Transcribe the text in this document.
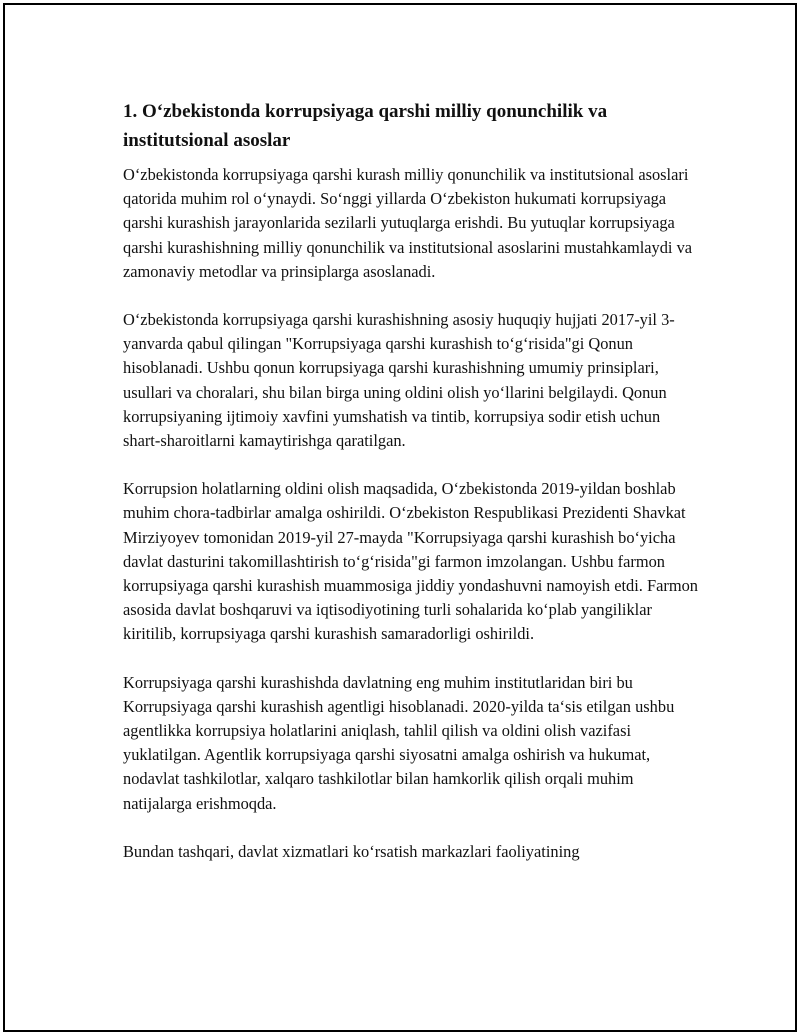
1. O‘zbekistonda korrupsiyaga qarshi milliy qonunchilik va institutsional asoslar

O‘zbekistonda korrupsiyaga qarshi kurash milliy qonunchilik va institutsional asoslari qatorida muhim rol o‘ynaydi. So‘nggi yillarda O‘zbekiston hukumati korrupsiyaga qarshi kurashish jarayonlarida sezilarli yutuqlarga erishdi. Bu yutuqlar korrupsiyaga qarshi kurashishning milliy qonunchilik va institutsional asoslarini mustahkamlaydi va zamonaviy metodlar va prinsiplarga asoslanadi.

O‘zbekistonda korrupsiyaga qarshi kurashishning asosiy huquqiy hujjati 2017-yil 3-yanvarda qabul qilingan "Korrupsiyaga qarshi kurashish to‘g‘risida"gi Qonun hisoblanadi. Ushbu qonun korrupsiyaga qarshi kurashishning umumiy prinsiplari, usullari va choralari, shu bilan birga uning oldini olish yo‘llarini belgilaydi. Qonun korrupsiyaning ijtimoiy xavfini yumshatish va tintib, korrupsiya sodir etish uchun shart-sharoitlarni kamaytirishga qaratilgan.

Korrupsion holatlarning oldini olish maqsadida, O‘zbekistonda 2019-yildan boshlab muhim chora-tadbirlar amalga oshirildi. O‘zbekiston Respublikasi Prezidenti Shavkat Mirziyoyev tomonidan 2019-yil 27-mayda "Korrupsiyaga qarshi kurashish bo‘yicha davlat dasturini takomillashtirish to‘g‘risida"gi farmon imzolangan. Ushbu farmon korrupsiyaga qarshi kurashish muammosiga jiddiy yondashuvni namoyish etdi. Farmon asosida davlat boshqaruvi va iqtisodiyotining turli sohalarida ko‘plab yangiliklar kiritilib, korrupsiyaga qarshi kurashish samaradorligi oshirildi.

Korrupsiyaga qarshi kurashishda davlatning eng muhim institutlaridan biri bu Korrupsiyaga qarshi kurashish agentligi hisoblanadi. 2020-yilda ta‘sis etilgan ushbu agentlikka korrupsiya holatlarini aniqlash, tahlil qilish va oldini olish vazifasi yuklatilgan. Agentlik korrupsiyaga qarshi siyosatni amalga oshirish va hukumat, nodavlat tashkilotlar, xalqaro tashkilotlar bilan hamkorlik qilish orqali muhim natijalarga erishmoqda.

Bundan tashqari, davlat xizmatlari ko‘rsatish markazlari faoliyatining
